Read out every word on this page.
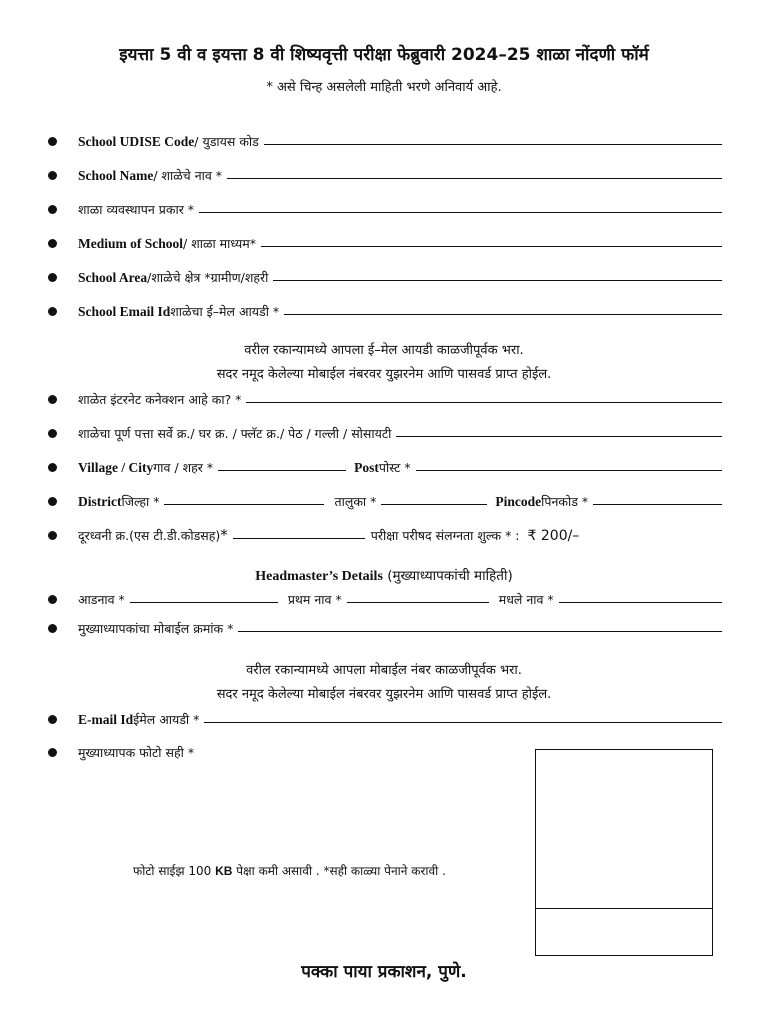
इयत्ता 5 वी व इयत्ता 8 वी शिष्यवृत्ती परीक्षा फेब्रुवारी 2024–25 शाळा नोंदणी फॉर्म
* असे चिन्ह असलेली माहिती भरणे अनिवार्य आहे.
School UDISE Code / युडायस कोड
School Name / शाळेचे नाव *
शाळा व्यवस्थापन प्रकार *
Medium of School / शाळा माध्यम*
School Area /शाळेचे क्षेत्र *ग्रामीण/शहरी
School Email Id शाळेचा ई–मेल आयडी *
वरील रकान्यामध्ये आपला ई–मेल आयडी काळजीपूर्वक भरा.
सदर नमूद केलेल्या मोबाईल नंबरवर युझरनेम आणि पासवर्ड प्राप्त होईल.
शाळेत इंटरनेट कनेक्शन आहे का? *
शाळेचा पूर्ण पत्ता सर्वे क्र./ घर क्र. / फ्लॅट क्र./ पेठ / गल्ली / सोसायटी
Village / City गाव / शहर *	Post पोस्ट *
District जिल्हा *	तालुका *	Pincode पिनकोड *
दूरध्वनी क्र.(एस टी.डी.कोडसह) *	परीक्षा परीषद संलग्नता शुल्क * : ₹ 200/–
Headmaster’s Details (मुख्याध्यापकांची माहिती)
आडनाव *	प्रथम नाव *	मधले नाव *
मुख्याध्यापकांचा मोबाईल क्रमांक *
वरील रकान्यामध्ये आपला मोबाईल नंबर काळजीपूर्वक भरा.
सदर नमूद केलेल्या मोबाईल नंबरवर युझरनेम आणि पासवर्ड प्राप्त होईल.
E-mail Id ईमेल आयडी *
मुख्याध्यापक फोटो सही *
फोटो साईझ 100 KB पेक्षा कमी असावी . *सही काळ्या पेनाने करावी .
पक्का पाया प्रकाशन, पुणे.
